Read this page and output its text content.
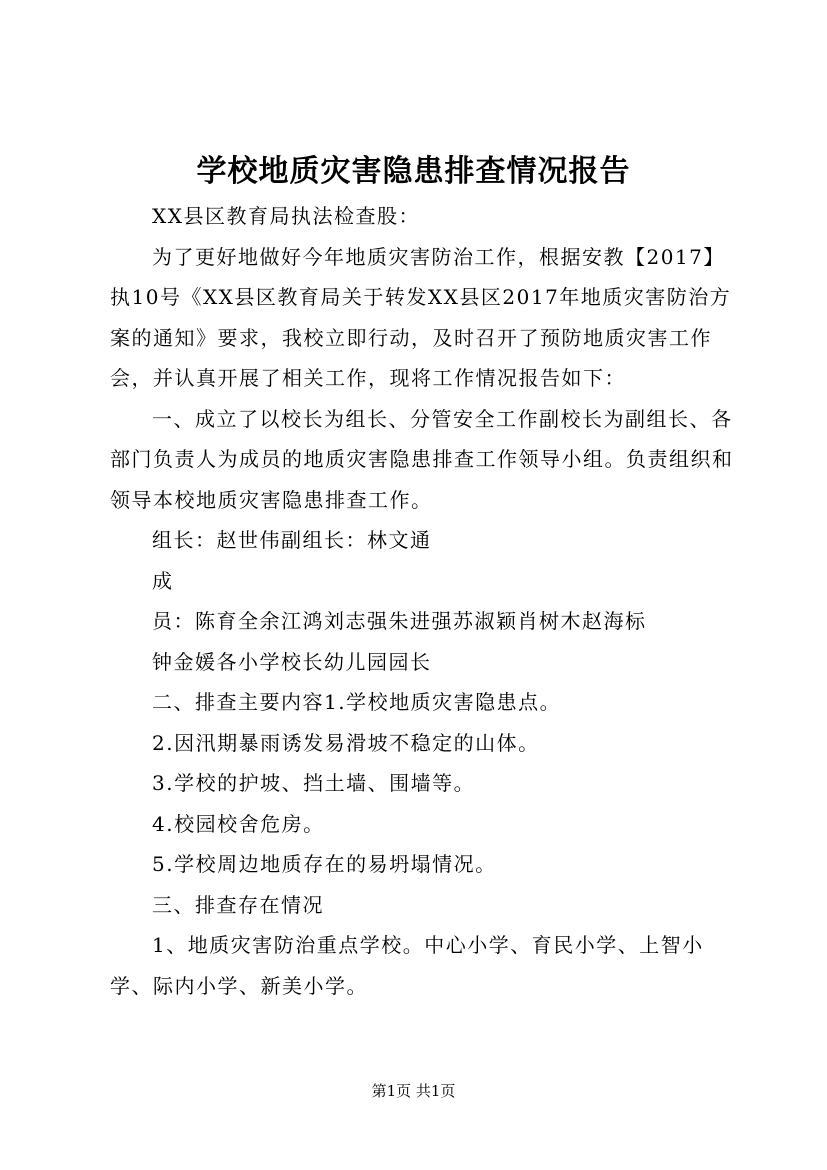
学校地质灾害隐患排查情况报告

XX县区教育局执法检查股：

为了更好地做好今年地质灾害防治工作，根据安教【2017】执10号《XX县区教育局关于转发XX县区2017年地质灾害防治方案的通知》要求，我校立即行动，及时召开了预防地质灾害工作会，并认真开展了相关工作，现将工作情况报告如下：

一、成立了以校长为组长、分管安全工作副校长为副组长、各部门负责人为成员的地质灾害隐患排查工作领导小组。负责组织和领导本校地质灾害隐患排查工作。

组长：赵世伟副组长：林文通

成

员：陈育全余江鸿刘志强朱进强苏淑颖肖树木赵海标

钟金媛各小学校长幼儿园园长

二、排查主要内容1.学校地质灾害隐患点。

2.因汛期暴雨诱发易滑坡不稳定的山体。

3.学校的护坡、挡土墙、围墙等。

4.校园校舍危房。

5.学校周边地质存在的易坍塌情况。

三、排查存在情况

1、地质灾害防治重点学校。中心小学、育民小学、上智小学、际内小学、新美小学。

第1页 共1页
